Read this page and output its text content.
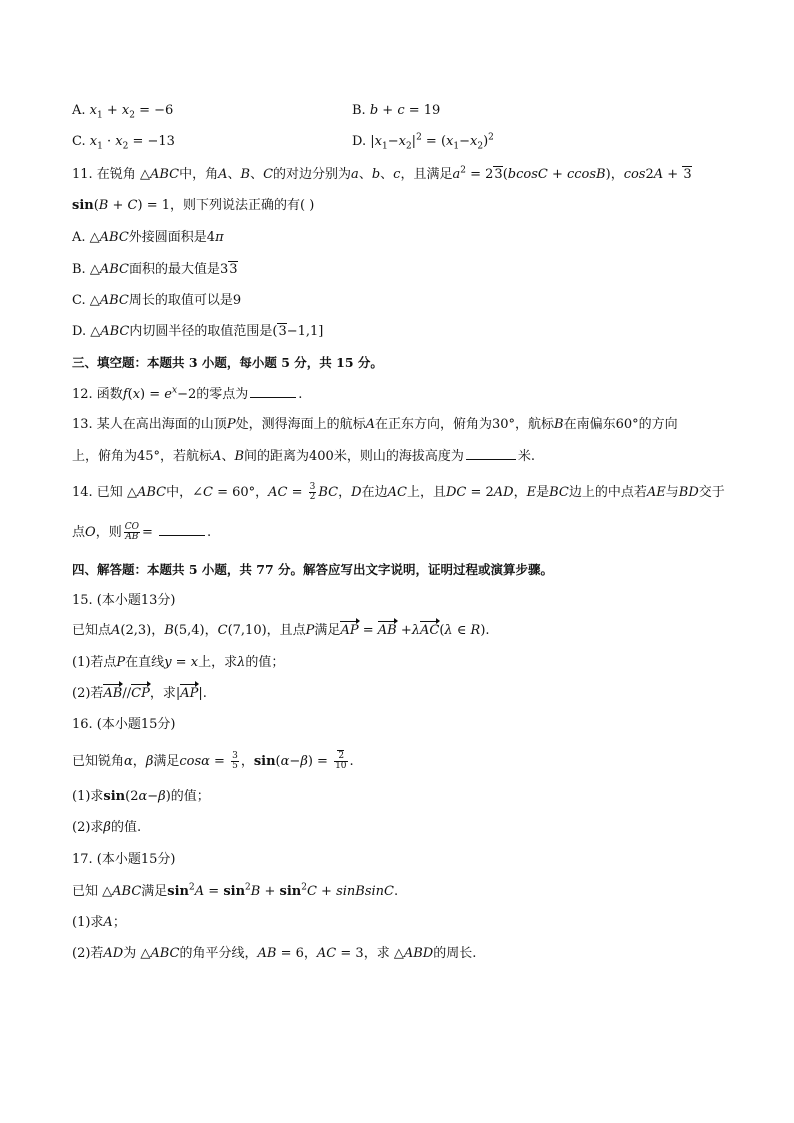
A. $x_1 + x_2 = -6$	B. b + c = 19
C. $x_1 \cdot x_2 = -13$	D. $|x_1-x_2|^2 = (x_1-x_2)^2$
11. 在锐角 △ABC中，角A、B、C的对边分别为a、b、c，且满足$a^2 = 23(bcosC + ccosB)$，cos2A + 3
sin(B + C) = 1，则下列说法正确的有( )
A. △ABC外接圆面积是4π
B. △ABC面积的最大值是33
C. △ABC周长的取值可以是9
D. △ABC内切圆半径的取值范围是(3−1,1]
三、填空题：本题共 3 小题，每小题 5 分，共 15 分。
12. 函数$f(x) = e^x-2$的零点为	.
13. 某人在高出海面的山顶P处，测得海面上的航标A在正东方向，俯角为30°，航标B在南偏东60°的方向
上，俯角为45°，若航标A、B间的距离为400米，则山的海拔高度为	米.
14. 已知 △ABC中，∠C = 60°，AC = $\frac{3}{2}$ BC，D在边AC上，且DC = 2AD，E是BC边上的中点若AE与BD交于
点O，则 $\frac{CO}{AB}$ =	.
四、解答题：本题共 5 小题，共 77 分。解答应写出文字说明，证明过程或演算步骤。
15. (本小题13分)
已知点A(2,3)，B(5,4)，C(7,10)，且点P满足AP = AB +λAC(λ ∈ R).
(1)若点P在直线y = x上，求λ的值；
(2)若AB//CP，求|AP|.
16. (本小题15分)
已知锐角α，β满足$\cos\alpha = \frac{3}{5}$ ，$\sin(\alpha-\beta) = \frac{2}{10}$ .
(1)求sin(2α−β)的值；
(2)求β的值.
17. (本小题15分)
已知 △ABC满足$\sin^2A = \sin^2B + \sin^2C$ + sinBsinC.
(1)求A；
(2)若AD为 △ABC的角平分线，AB = 6，AC = 3，求 △ABD的周长.
